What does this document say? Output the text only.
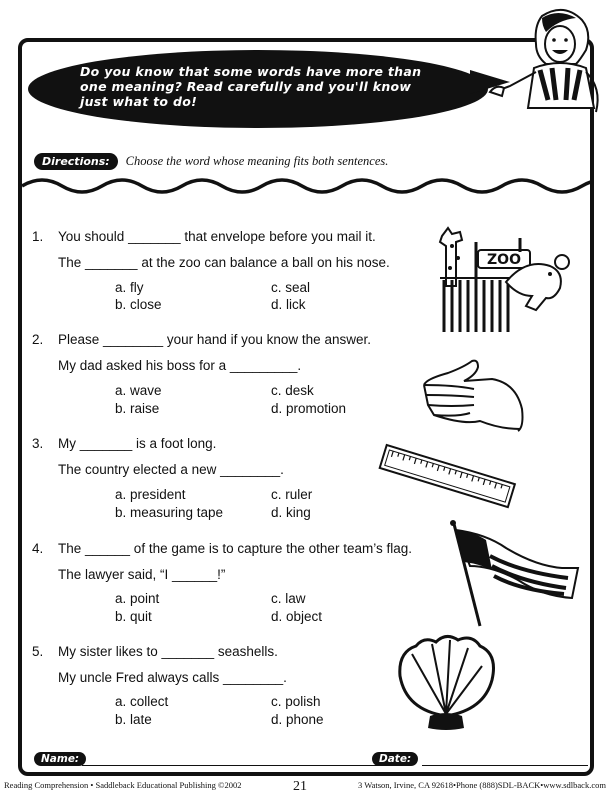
Do you know that some words have more than
one meaning? Read carefully and you'll know
just what to do!
Directions:	Choose the word whose meaning fits both sentences.
1.	You should _______ that envelope before you mail it.
The _______ at the zoo can balance a ball on his nose.
a. fly
b. close
c. seal
d. lick
2.	Please ________ your hand if you know the answer.
My dad asked his boss for a _________.
a. wave
b. raise
c. desk
d. promotion
3.	My _______ is a foot long.
The country elected a new ________.
a. president
b. measuring tape
c. ruler
d. king
4.	The ______ of the game is to capture the other team’s flag.
The lawyer said, “I ______!”
a. point
b. quit
c. law
d. object
5.	My sister likes to _______ seashells.
My uncle Fred always calls ________.
a. collect
b. late
c. polish
d. phone
ZOO
Name:	Date:
Reading Comprehension • Saddleback Educational Publishing ©2002	21	3 Watson, Irvine, CA 92618•Phone (888)SDL-BACK•www.sdlback.com
